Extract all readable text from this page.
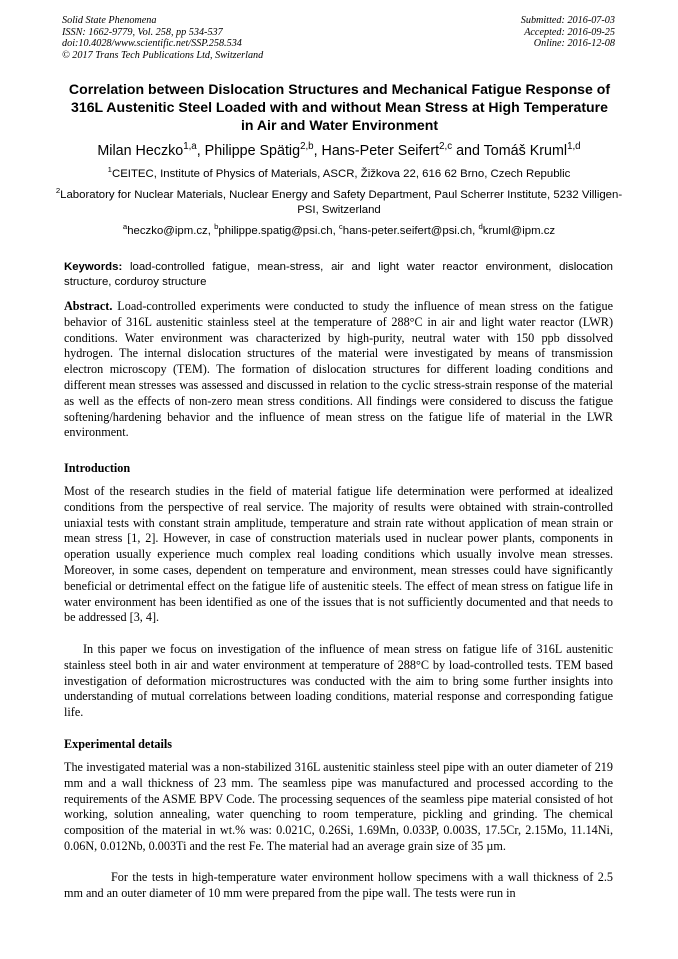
Solid State Phenomena
ISSN: 1662-9779, Vol. 258, pp 534-537
doi:10.4028/www.scientific.net/SSP.258.534
© 2017 Trans Tech Publications Ltd, Switzerland
Submitted: 2016-07-03
Accepted: 2016-09-25
Online: 2016-12-08
Correlation between Dislocation Structures and Mechanical Fatigue Response of 316L Austenitic Steel Loaded with and without Mean Stress at High Temperature in Air and Water Environment
Milan Heczko$^{1,a}$, Philippe Spätig$^{2,b}$, Hans-Peter Seifert$^{2,c}$ and Tomáš Kruml$^{1,d}$
$^1$CEITEC, Institute of Physics of Materials, ASCR, Žižkova 22, 616 62 Brno, Czech Republic
$^2$Laboratory for Nuclear Materials, Nuclear Energy and Safety Department, Paul Scherrer Institute, 5232 Villigen-PSI, Switzerland
$^a$heczko@ipm.cz, $^b$philippe.spatig@psi.ch, $^c$hans-peter.seifert@psi.ch, $^d$kruml@ipm.cz
Keywords: load-controlled fatigue, mean-stress, air and light water reactor environment, dislocation structure, corduroy structure
Abstract. Load-controlled experiments were conducted to study the influence of mean stress on the fatigue behavior of 316L austenitic stainless steel at the temperature of 288°C in air and light water reactor (LWR) conditions. Water environment was characterized by high-purity, neutral water with 150 ppb dissolved hydrogen. The internal dislocation structures of the material were investigated by means of transmission electron microscopy (TEM). The formation of dislocation structures for different loading conditions and different mean stresses was assessed and discussed in relation to the cyclic stress-strain response of the material as well as the effects of non-zero mean stress conditions. All findings were considered to discuss the fatigue softening/hardening behavior and the influence of mean stress on the fatigue life of material in the LWR environment.
Introduction
Most of the research studies in the field of material fatigue life determination were performed at idealized conditions from the perspective of real service. The majority of results were obtained with strain-controlled uniaxial tests with constant strain amplitude, temperature and strain rate without application of mean strain or mean stress [1, 2]. However, in case of construction materials used in nuclear power plants, components in operation usually experience much complex real loading conditions which usually involve mean stresses. Moreover, in some cases, dependent on temperature and environment, mean stresses could have significantly beneficial or detrimental effect on the fatigue life of austenitic steels. The effect of mean stress on fatigue life in water environment has been identified as one of the issues that is not sufficiently documented and that needs to be addressed [3, 4].
In this paper we focus on investigation of the influence of mean stress on fatigue life of 316L austenitic stainless steel both in air and water environment at temperature of 288°C by load-controlled tests. TEM based investigation of deformation microstructures was conducted with the aim to bring some further insights into understanding of mutual correlations between loading conditions, material response and corresponding fatigue life.
Experimental details
The investigated material was a non-stabilized 316L austenitic stainless steel pipe with an outer diameter of 219 mm and a wall thickness of 23 mm. The seamless pipe was manufactured and processed according to the requirements of the ASME BPV Code. The processing sequences of the seamless pipe material consisted of hot working, solution annealing, water quenching to room temperature, pickling and grinding. The chemical composition of the material in wt.% was: 0.021C, 0.26Si, 1.69Mn, 0.033P, 0.003S, 17.5Cr, 2.15Mo, 11.14Ni, 0.06N, 0.012Nb, 0.003Ti and the rest Fe. The material had an average grain size of 35 µm.
For the tests in high-temperature water environment hollow specimens with a wall thickness of 2.5 mm and an outer diameter of 10 mm were prepared from the pipe wall. The tests were run in
